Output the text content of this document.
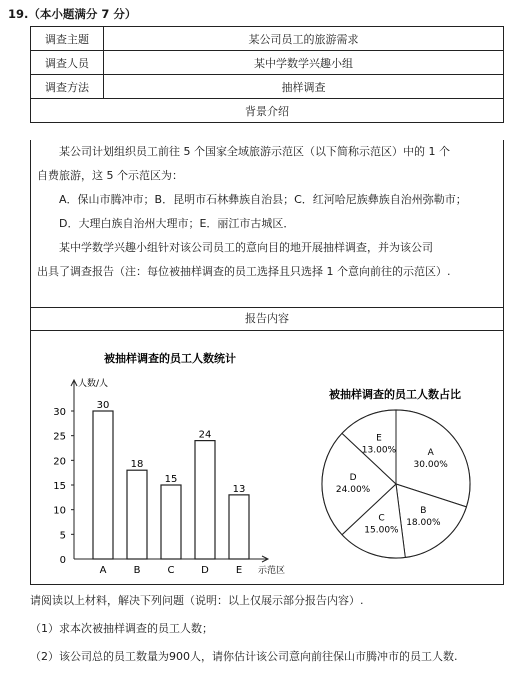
19.（本小题满分 7 分）
调查主题	某公司员工的旅游需求
调查人员	某中学数学兴趣小组
调查方法	抽样调查
背景介绍	

某公司计划组织员工前往 5 个国家全域旅游示范区（以下简称示范区）中的 1 个

自费旅游，这 5 个示范区为：

A．保山市腾冲市；B．昆明市石林彝族自治县；C．红河哈尼族彝族自治州弥勒市；

D．大理白族自治州大理市；E．丽江市古城区．

某中学数学兴趣小组针对该公司员工的意向目的地开展抽样调查，并为该公司

出具了调查报告（注：每位被抽样调查的员工选择且只选择 1 个意向前往的示范区）.

报告内容
被抽样调查的员工人数统计
人数/人
示范区
0
5
10
15
20
25
30
30
A
18
B
15
C
24
D
13
E
被抽样调查的员工人数占比
A
30.00%
B
18.00%
C
15.00%
D
24.00%
E
13.00%
请阅读以上材料，解决下列问题（说明：以上仅展示部分报告内容）.
（1）求本次被抽样调查的员工人数；
（2）该公司总的员工数量为900人，请你估计该公司意向前往保山市腾冲市的员工人数.
